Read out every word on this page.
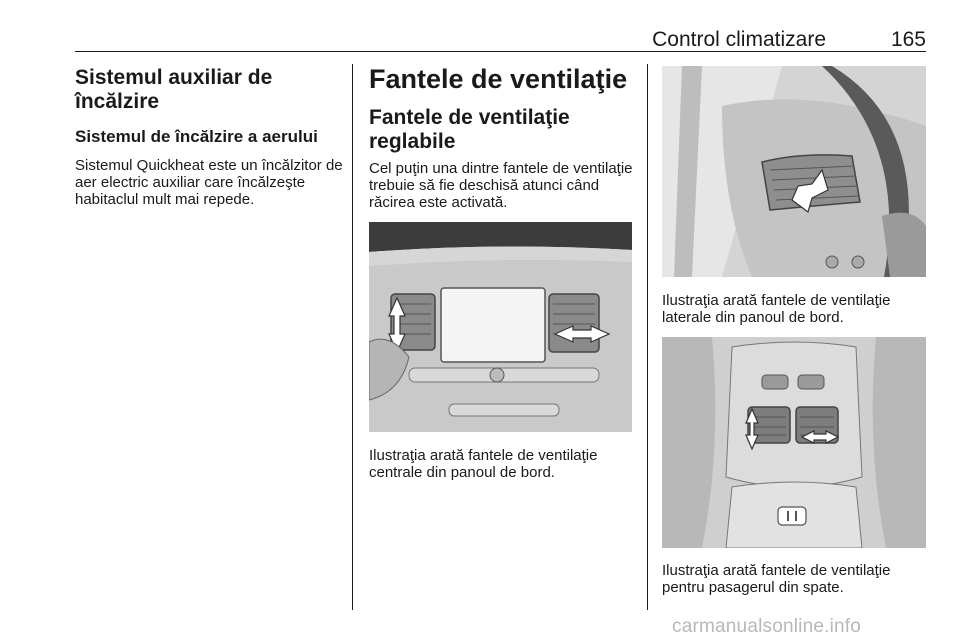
Control climatizare	165
Sistemul auxiliar de încălzire
Sistemul de încălzire a aerului
Sistemul Quickheat este un încălzitor de aer electric auxiliar care încălzeşte habitaclul mult mai repede.
Fantele de ventilaţie
Fantele de ventilaţie reglabile
Cel puţin una dintre fantele de ventilaţie trebuie să fie deschisă atunci când răcirea este activată.
Ilustraţia arată fantele de ventilaţie centrale din panoul de bord.
Ilustraţia arată fantele de ventilaţie laterale din panoul de bord.
Ilustraţia arată fantele de ventilaţie pentru pasagerul din spate.
carmanualsonline.info
